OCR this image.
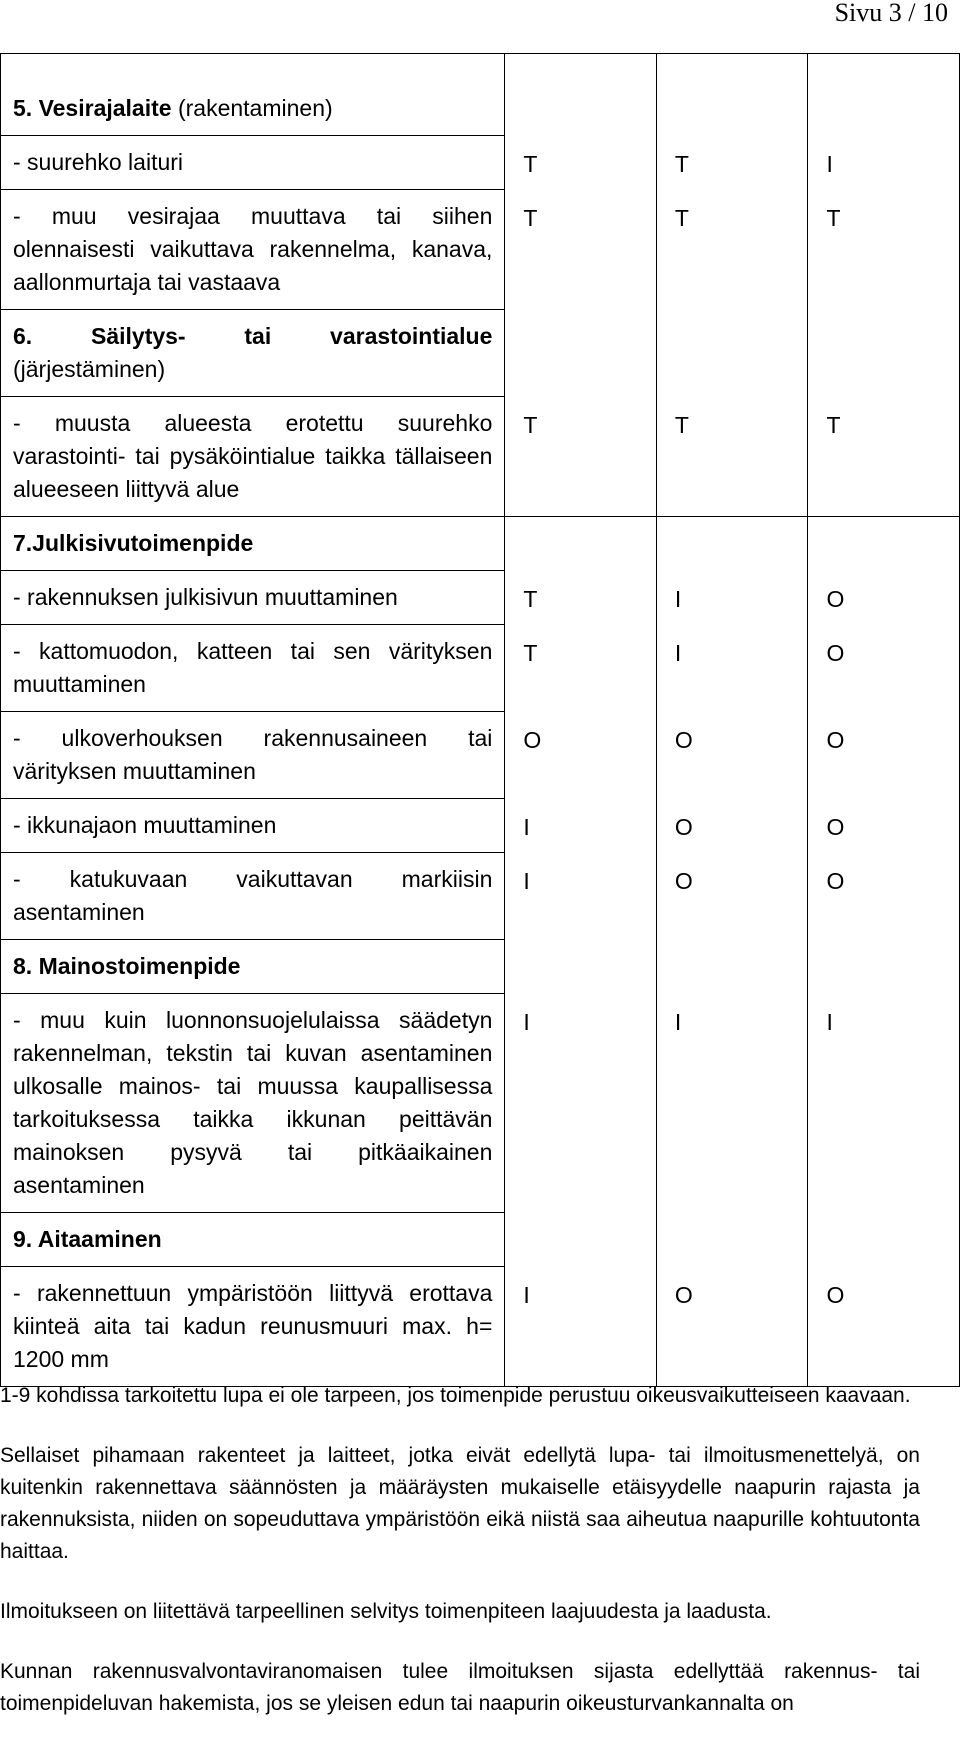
Sivu 3 / 10
5. Vesirajalaite (rakentaminen)			
- suurehko laituri	T	T	I
- muu vesirajaa muuttava tai siihen olennaisesti vaikuttava rakennelma, kanava, aallonmurtaja tai vastaava	T	T	T
6. Säilytys- tai varastointialue (järjestäminen)			
- muusta alueesta erotettu suurehko varastointi- tai pysäköintialue taikka tällaiseen alueeseen liittyvä alue	T	T	T
7.Julkisivutoimenpide			
- rakennuksen julkisivun muuttaminen	T	I	O
- kattomuodon, katteen tai sen värityksen muuttaminen	T	I	O
- ulkoverhouksen rakennusaineen tai värityksen muuttaminen	O	O	O
- ikkunajaon muuttaminen	I	O	O
- katukuvaan vaikuttavan markiisin asentaminen	I	O	O
8. Mainostoimenpide			
- muu kuin luonnonsuojelulaissa säädetyn rakennelman, tekstin tai kuvan asentaminen ulkosalle mainos- tai muussa kaupallisessa tarkoituksessa taikka ikkunan peittävän mainoksen pysyvä tai pitkäaikainen asentaminen	I	I	I
9. Aitaaminen			
- rakennettuun ympäristöön liittyvä erottava kiinteä aita tai kadun reunusmuuri max. h= 1200 mm	I	O	O

1-9 kohdissa tarkoitettu lupa ei ole tarpeen, jos toimenpide perustuu oikeusvaikutteiseen kaavaan.

Sellaiset pihamaan rakenteet ja laitteet, jotka eivät edellytä lupa- tai ilmoitusmenettelyä, on kuitenkin rakennettava säännösten ja määräysten mukaiselle etäisyydelle naapurin rajasta ja rakennuksista, niiden on sopeuduttava ympäristöön eikä niistä saa aiheutua naapurille kohtuutonta haittaa.

Ilmoitukseen on liitettävä tarpeellinen selvitys toimenpiteen laajuudesta ja laadusta.

Kunnan rakennusvalvontaviranomaisen tulee ilmoituksen sijasta edellyttää rakennus- tai toimenpideluvan hakemista, jos se yleisen edun tai naapurin oikeusturvankannalta on
